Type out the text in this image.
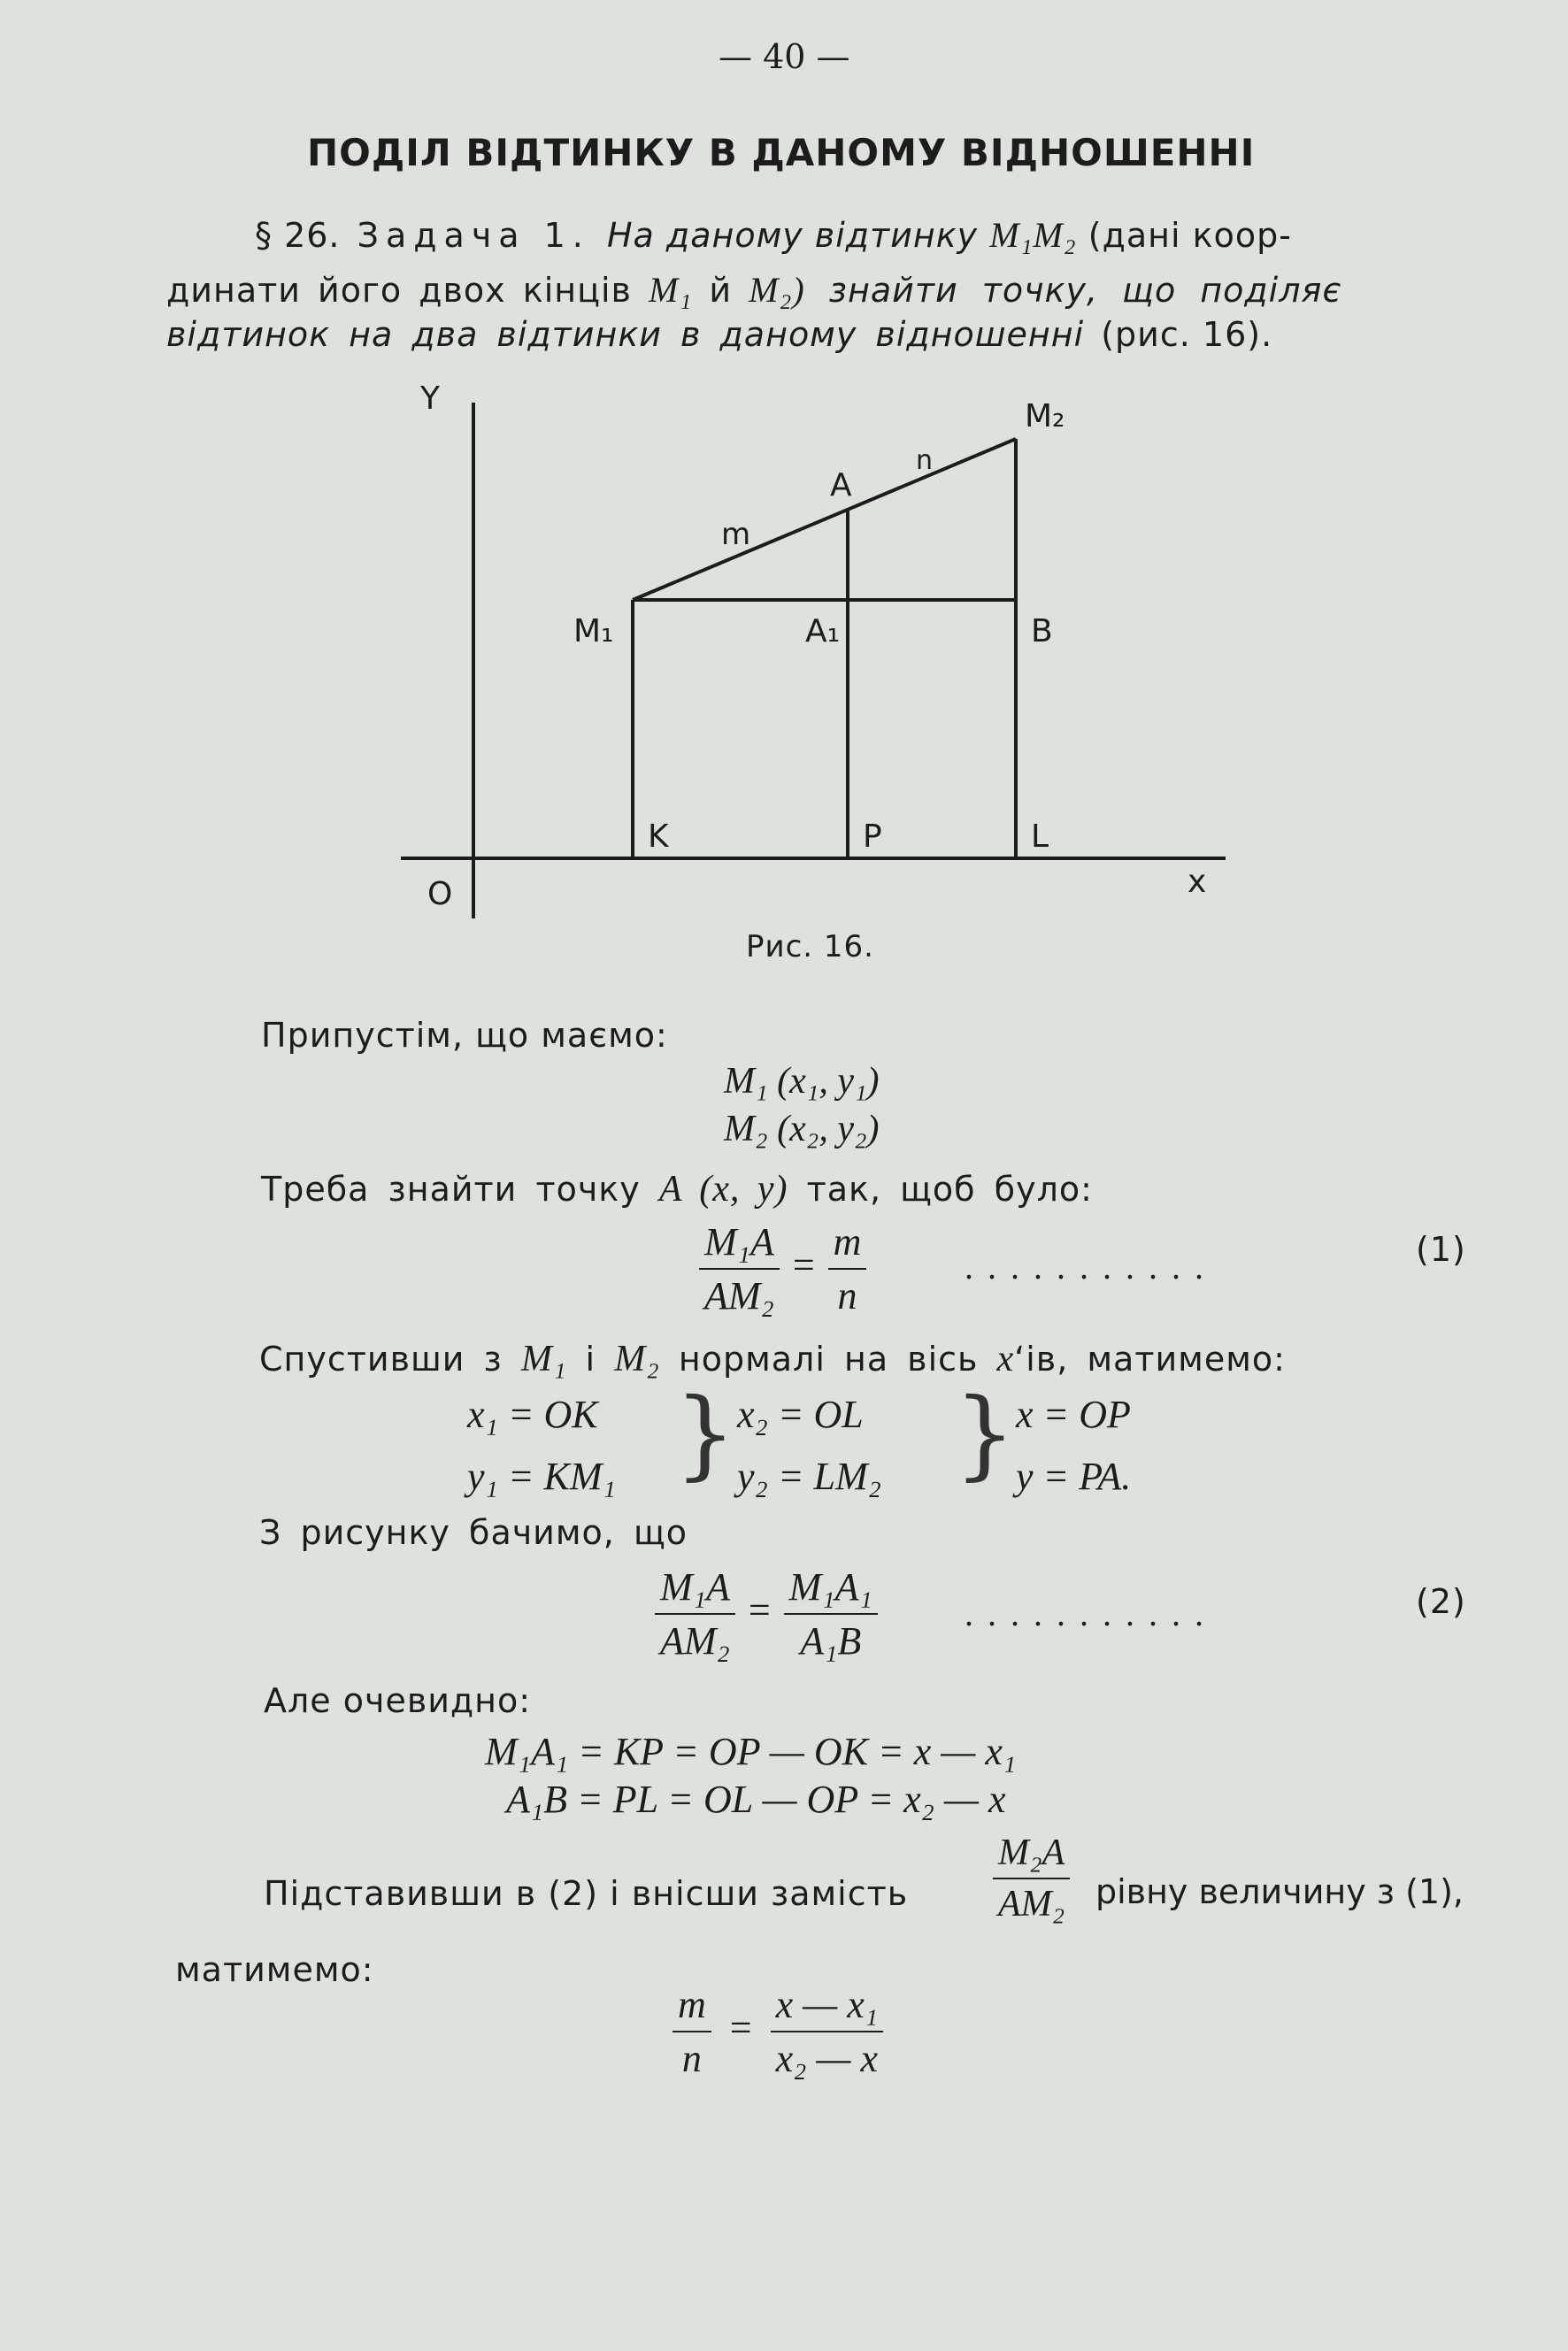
— 40 —
ПОДІЛ ВІДТИНКУ В ДАНОМУ ВІДНОШЕННІ
§ 26. Задача 1. На даному відтинку M₁M₂ (дані коор-
динати його двох кінців M₁ й M₂) знайти точку, що поділяє
відтинок на два відтинки в даному відношенні (рис. 16).
Y
x
O
M₁
M₂
A
A₁	B
K	P	L
m
n
Рис. 16.
Припустім, що маємо:
M₁ (x₁, y₁)
M₂ (x₂, y₂)
Треба знайти точку A (x, y) так, щоб було:
$\frac{\text{M₁A}}{\text{AM₂}} = \frac{m}{n}$	...........	(1)
Спустивши з M₁ і M₂ нормалі на вісь x‘ів, матимемо:
x₁ = OK
y₁ = KM₁ } x₂ = OL
y₂ = LM₂ } x = OP
y = PA.
З рисунку бачимо, що
$\frac{\text{M₁A}}{\text{AM₂}} = \frac{\text{M₁A₁}}{\text{A₁B}}$ ...........	(2)
Але очевидно:
M₁A₁ = KP = OP — OK = x — x₁
A₁B = PL = OL — OP = x₂ — x
Підставивши в (2) і внісши замість $\frac{\text{M₂A}}{\text{AM₂}}$ рівну величину з (1),
матимемо:
$\frac{m}{n} = \frac{\text{x — x₁}}{\text{x₂ — x}}$
